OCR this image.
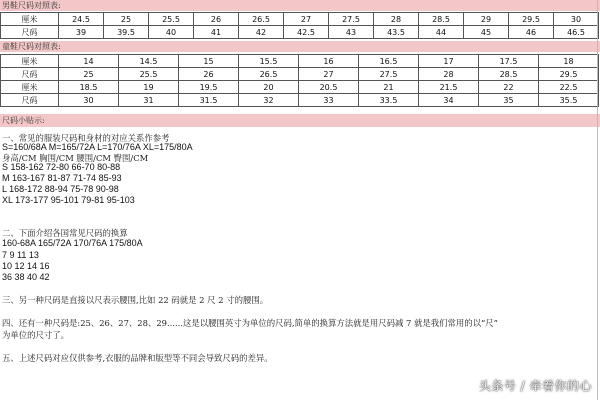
男鞋尺码对照表:
厘米	24.5	25	25.5	26	26.5	27	27.5	28	28.5	29	29.5	30
尺码	39	39.5	40	41	42	42.5	43	43.5	44	45	46	46.5
童鞋尺码对照表:
厘米	14	14.5	15	15.5	16	16.5	17	17.5	18
尺码	25	25.5	26	26.5	27	27.5	28	28.5	29.5
厘米	18.5	19	19.5	20	20.5	21	21.5	22	22.5
尺码	30	31	31.5	32	33	33.5	34	35	35.5
尺码小贴示:
一、常见的服装尺码和身材的对应关系作参考
S=160/68A M=165/72A L=170/76A XL=175/80A
身高/CM 胸围/CM 腰围/CM 臀围/CM
S 158-162 72-80 66-70 80-88
M 163-167 81-87 71-74 85-93
L 168-172 88-94 75-78 90-98
XL 173-177 95-101 79-81 95-103
二、下面介绍各国常见尺码的换算
160-68A 165/72A 170/76A 175/80A
7 9 11 13
10 12 14 16
36 38 40 42
三、另一种尺码是直接以尺表示腰围,比如 22 码就是 2 尺 2 寸的腰围。
四、还有一种尺码是:25、26、27、28、29......这是以腰围英寸为单位的尺码,简单的换算方法就是用尺码减 7 就是我们常用的以“尺”
为单位的尺寸了。
五、上述尺码对应仅供参考,衣服的品牌和版型等不同会导致尺码的差异。
头条号 / 牵着你的心
